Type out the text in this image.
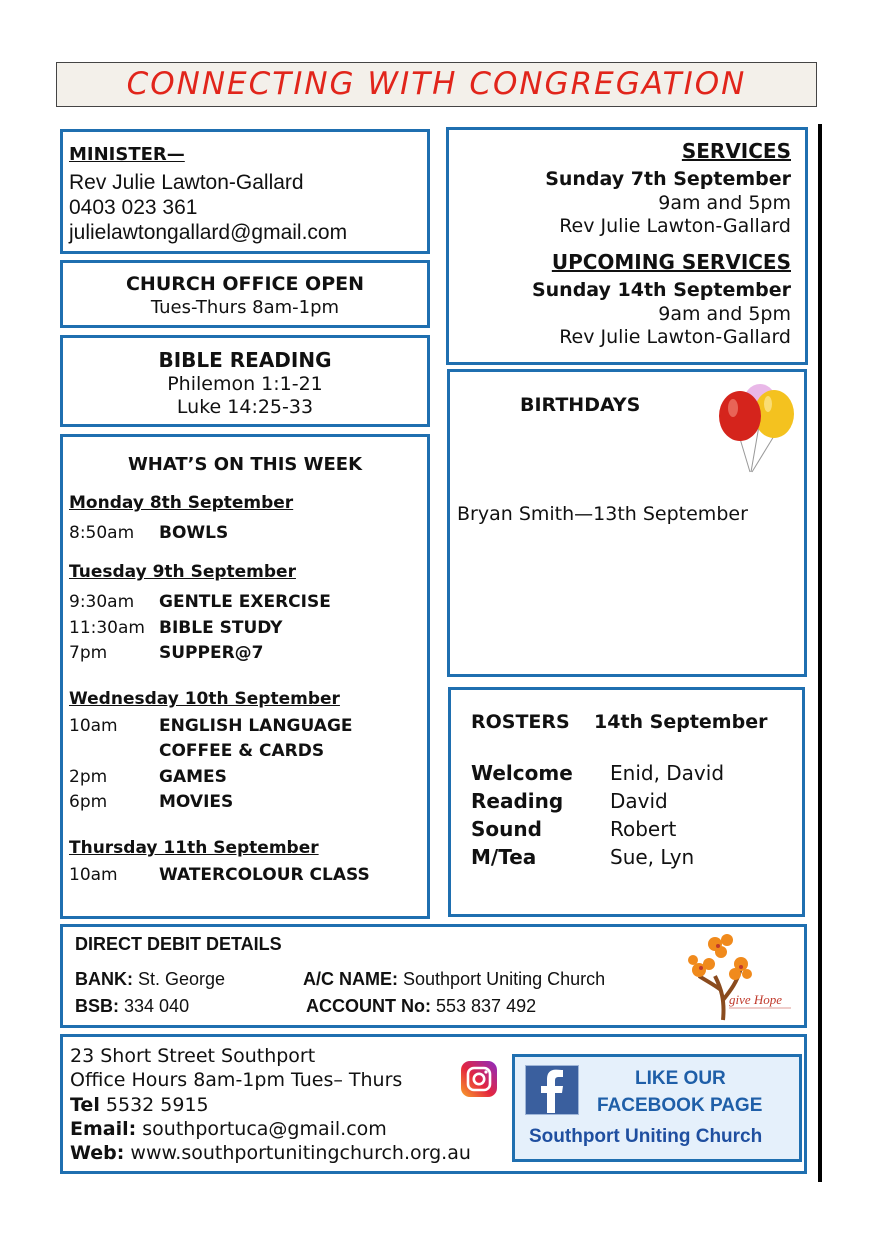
CONNECTING WITH CONGREGATION
MINISTER—
Rev Julie Lawton-Gallard
0403 023 361
julielawtongallard@gmail.com
CHURCH OFFICE OPEN
Tues-Thurs 8am-1pm
BIBLE READING
Philemon 1:1-21
Luke 14:25-33
WHAT’S ON THIS WEEK
Monday 8th September
8:50am BOWLS
Tuesday 9th September
9:30am GENTLE EXERCISE
11:30am BIBLE STUDY
7pm	SUPPER@7
Wednesday 10th September
10am ENGLISH LANGUAGE
COFFEE & CARDS
2pm	GAMES
6pm	MOVIES
Thursday 11th September
10am WATERCOLOUR CLASS
SERVICES
Sunday 7th September
9am and 5pm
Rev Julie Lawton-Gallard
UPCOMING SERVICES
Sunday 14th September
9am and 5pm
Rev Julie Lawton-Gallard
BIRTHDAYS
Bryan Smith—13th September
ROSTERS 14th September
Welcome Enid, David
Reading David
Sound	Robert
M/Tea	Sue, Lyn
DIRECT DEBIT DETAILS
BANK: St. George
BSB: 334 040
A/C NAME: Southport Uniting Church
ACCOUNT No: 553 837 492	give Hope
23 Short Street Southport
Office Hours 8am-1pm Tues– Thurs
Tel 5532 5915
Email: southportuca@gmail.com
Web: www.southportunitingchurch.org.au
LIKE OUR
FACEBOOK PAGE
Southport Uniting Church
